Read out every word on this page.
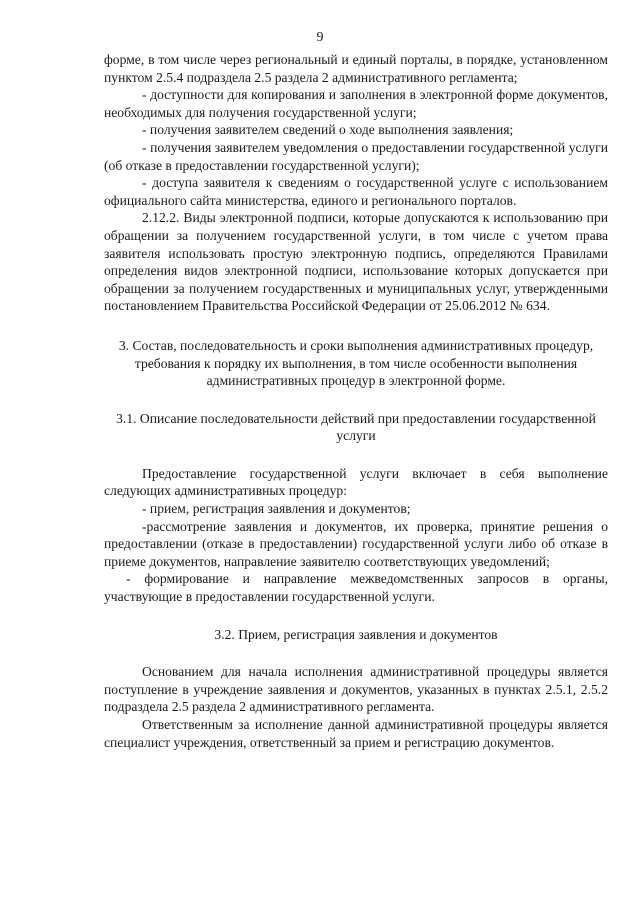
9

форме, в том числе через региональный и единый порталы, в порядке, установленном пунктом 2.5.4 подраздела 2.5 раздела 2 административного регламента;

- доступности для копирования и заполнения в электронной форме документов, необходимых для получения государственной услуги;

- получения заявителем сведений о ходе выполнения заявления;

- получения заявителем уведомления о предоставлении государственной услуги (об отказе в предоставлении государственной услуги);

- доступа заявителя к сведениям о государственной услуге с использованием официального сайта министерства, единого и регионального порталов.

2.12.2. Виды электронной подписи, которые допускаются к использованию при обращении за получением государственной услуги, в том числе с учетом права заявителя использовать простую электронную подпись, определяются Правилами определения видов электронной подписи, использование которых допускается при обращении за получением государственных и муниципальных услуг, утвержденными постановлением Правительства Российской Федерации от 25.06.2012 № 634.

3. Состав, последовательность и сроки выполнения административных процедур, требования к порядку их выполнения, в том числе особенности выполнения административных процедур в электронной форме.

3.1. Описание последовательности действий при предоставлении государственной услуги

Предоставление государственной услуги включает в себя выполнение следующих административных процедур:

- прием, регистрация заявления и документов;

-рассмотрение заявления и документов, их проверка, принятие решения о предоставлении (отказе в предоставлении) государственной услуги либо об отказе в приеме документов, направление заявителю соответствующих уведомлений;

- формирование и направление межведомственных запросов в органы, участвующие в предоставлении государственной услуги.

3.2. Прием, регистрация заявления и документов

Основанием для начала исполнения административной процедуры является поступление в учреждение заявления и документов, указанных в пунктах 2.5.1, 2.5.2 подраздела 2.5 раздела 2 административного регламента.

Ответственным за исполнение данной административной процедуры является специалист учреждения, ответственный за прием и регистрацию документов.
